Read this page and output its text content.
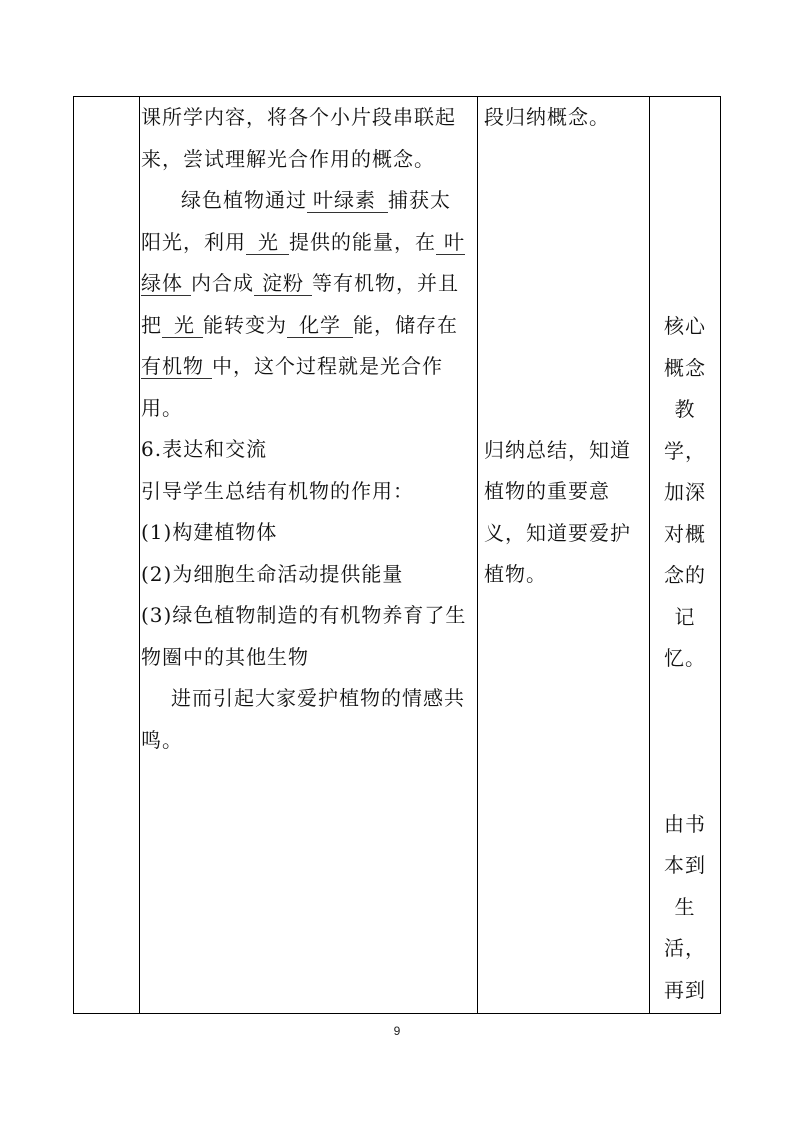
课所学内容，将各个小片段串联起
来，尝试理解光合作用的概念。
绿色植物通过 叶绿素 捕获太
阳光，利用 光 提供的能量，在 叶
绿体 内合成 淀粉 等有机物，并且
把 光 能转变为 化学 能，储存在
有机物 中，这个过程就是光合作
用。
6.表达和交流
引导学生总结有机物的作用：
(1)构建植物体
(2)为细胞生命活动提供能量
(3)绿色植物制造的有机物养育了生
物圈中的其他生物
进而引起大家爱护植物的情感共
鸣。
段归纳概念。
归纳总结，知道
植物的重要意
义，知道要爱护
植物。
核心
概念
教
学，
加深
对概
念的
记
忆。
由书
本到
生
活，
再到
9
